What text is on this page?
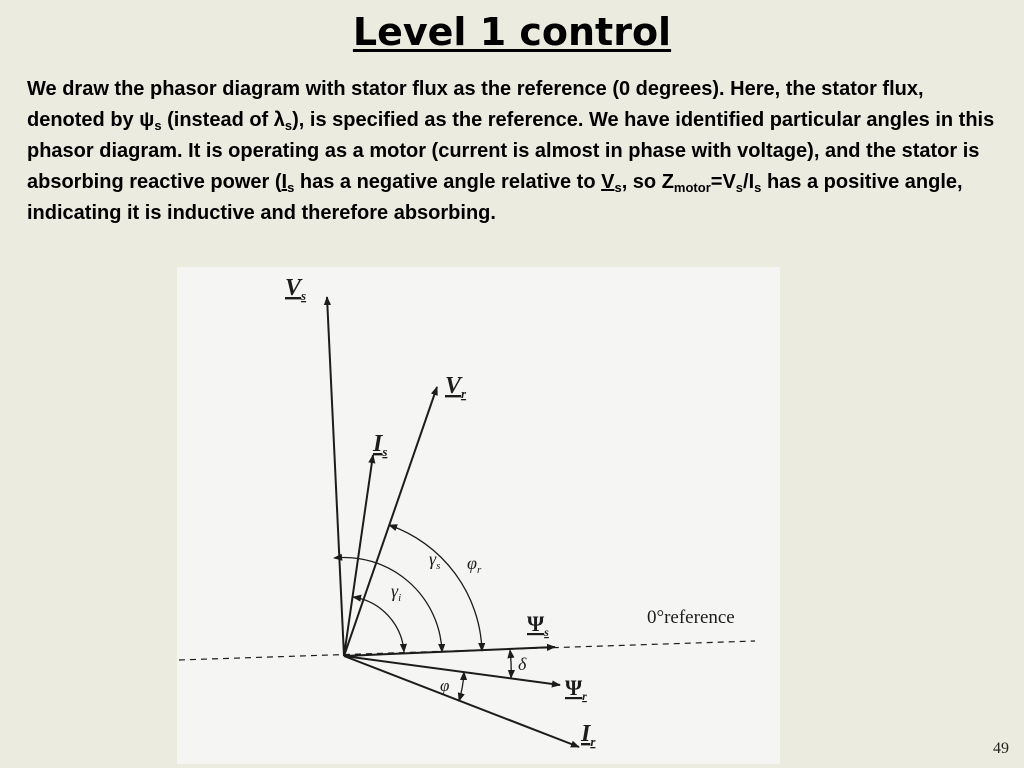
Level 1 control

We draw the phasor diagram with stator flux as the reference (0 degrees). Here, the stator flux, denoted by $\psi_s$ (instead of $\lambda_s$), is specified as the reference. We have identified particular angles in this phasor diagram. It is operating as a motor (current is almost in phase with voltage), and the stator is absorbing reactive power ($I_s$ has a negative angle relative to $V_s$, so $Z_{motor}=V_s/I_s$ has a positive angle, indicating it is inductive and therefore absorbing.

$V_s$
$V_r$
$I_s$
$\Psi_s$
$\Psi_r$
$I_r$
0°reference
$\gamma_i$
$\gamma_s$ $\varphi_r$
δ
φ
49
